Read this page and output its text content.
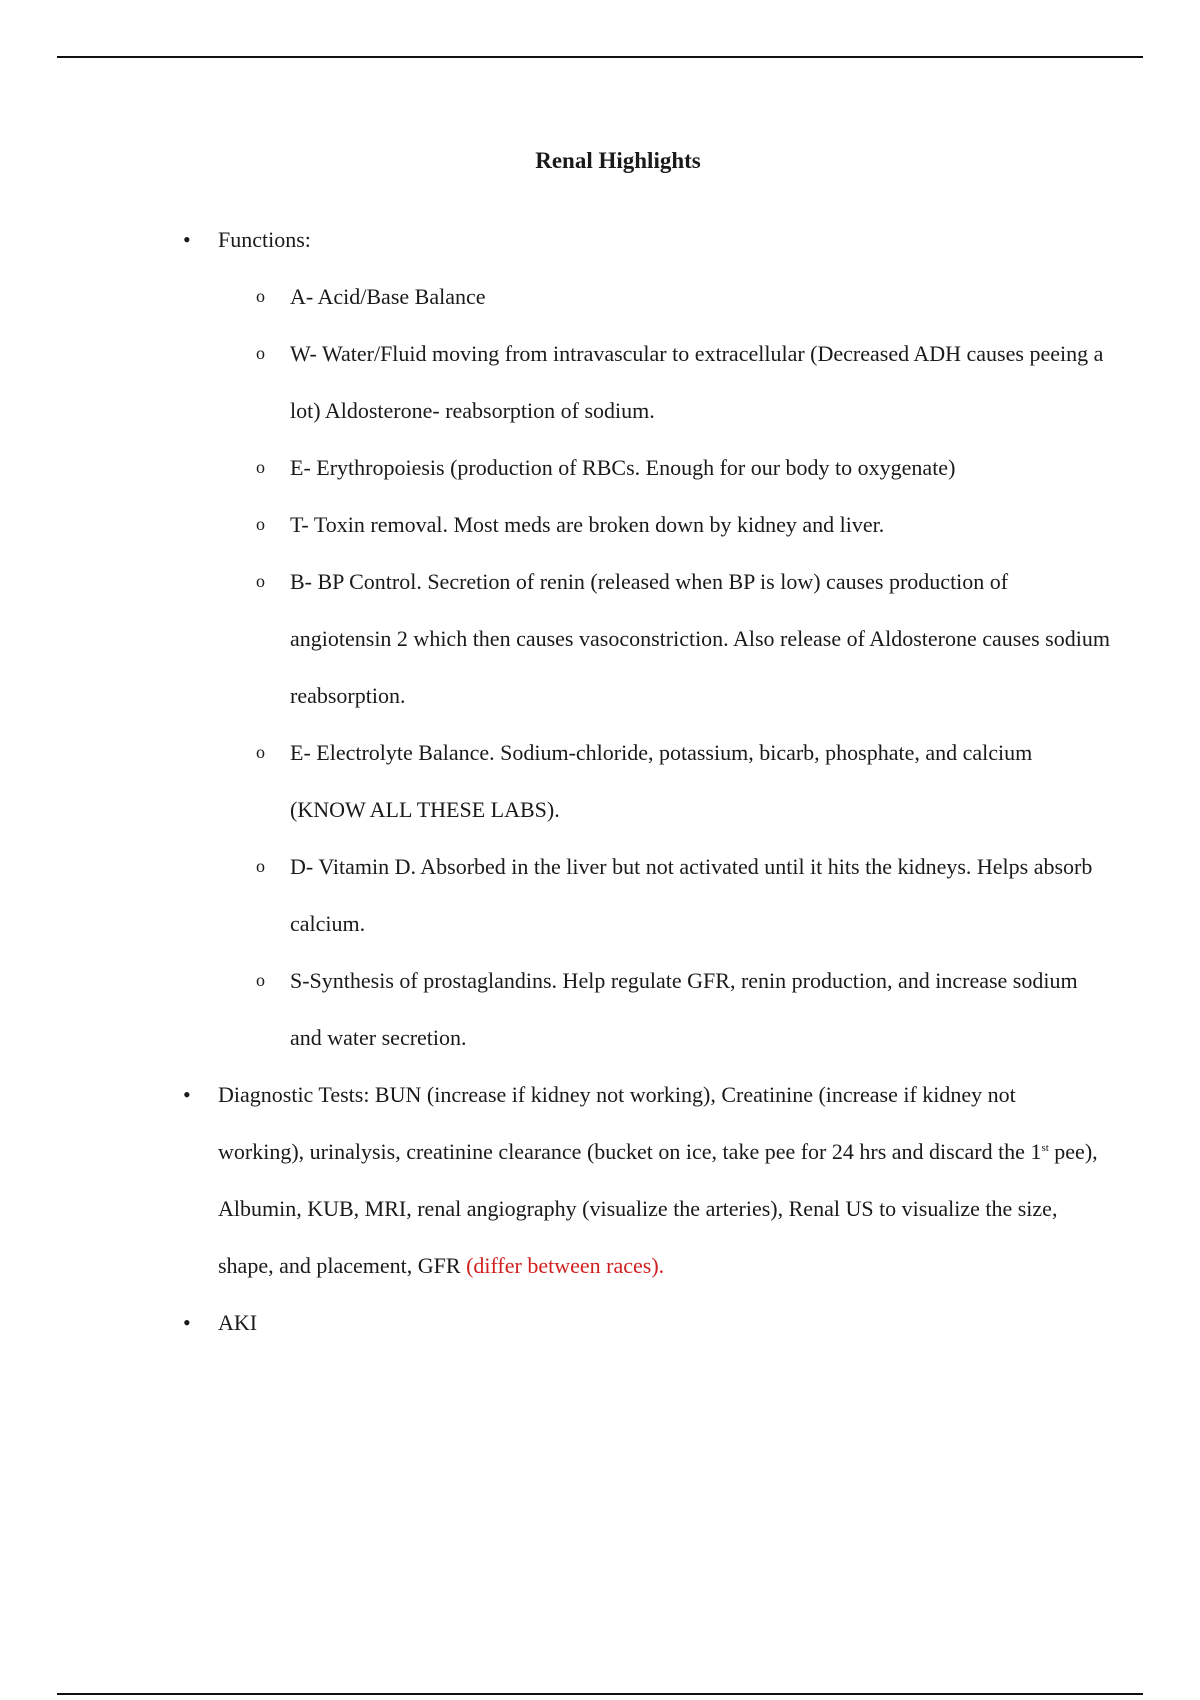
Renal Highlights
• Functions:
o A- Acid/Base Balance
o W- Water/Fluid moving from intravascular to extracellular (Decreased ADH causes peeing a lot) Aldosterone- reabsorption of sodium.
o E- Erythropoiesis (production of RBCs. Enough for our body to oxygenate)
o T- Toxin removal. Most meds are broken down by kidney and liver.
o B- BP Control. Secretion of renin (released when BP is low) causes production of angiotensin 2 which then causes vasoconstriction. Also release of Aldosterone causes sodium reabsorption.
o E- Electrolyte Balance. Sodium-chloride, potassium, bicarb, phosphate, and calcium (KNOW ALL THESE LABS).
o D- Vitamin D. Absorbed in the liver but not activated until it hits the kidneys. Helps absorb calcium.
o S-Synthesis of prostaglandins. Help regulate GFR, renin production, and increase sodium and water secretion.
• Diagnostic Tests: BUN (increase if kidney not working), Creatinine (increase if kidney not working), urinalysis, creatinine clearance (bucket on ice, take pee for 24 hrs and discard the 1st pee), Albumin, KUB, MRI, renal angiography (visualize the arteries), Renal US to visualize the size, shape, and placement, GFR (differ between races).
• AKI
